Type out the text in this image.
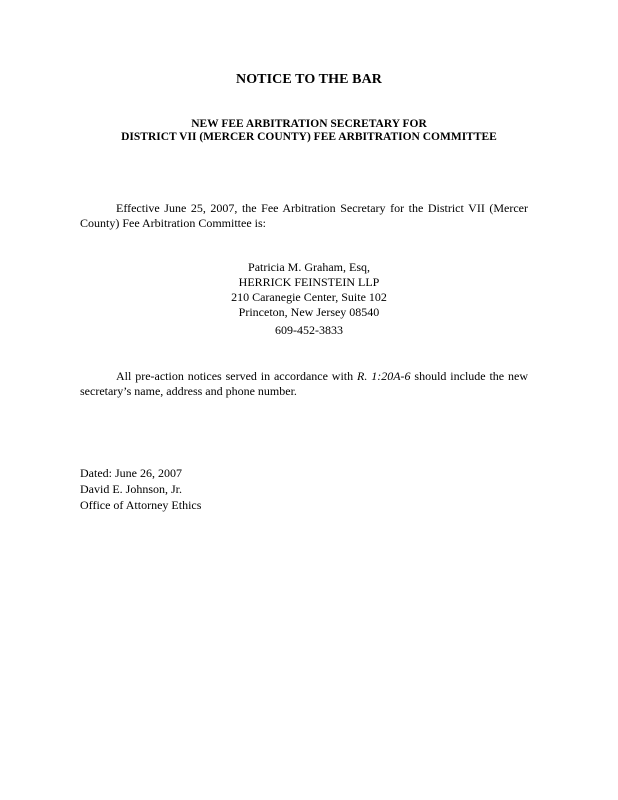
NOTICE TO THE BAR
NEW FEE ARBITRATION SECRETARY FOR
DISTRICT VII (MERCER COUNTY) FEE ARBITRATION COMMITTEE
Effective June 25, 2007, the Fee Arbitration Secretary for the District VII (Mercer County) Fee Arbitration Committee is:
Patricia M. Graham, Esq,
HERRICK FEINSTEIN LLP
210 Caranegie Center, Suite 102
Princeton, New Jersey 08540
609-452-3833
All pre-action notices served in accordance with R. 1:20A-6 should include the new secretary’s name, address and phone number.
Dated: June 26, 2007
David E. Johnson, Jr.
Office of Attorney Ethics
